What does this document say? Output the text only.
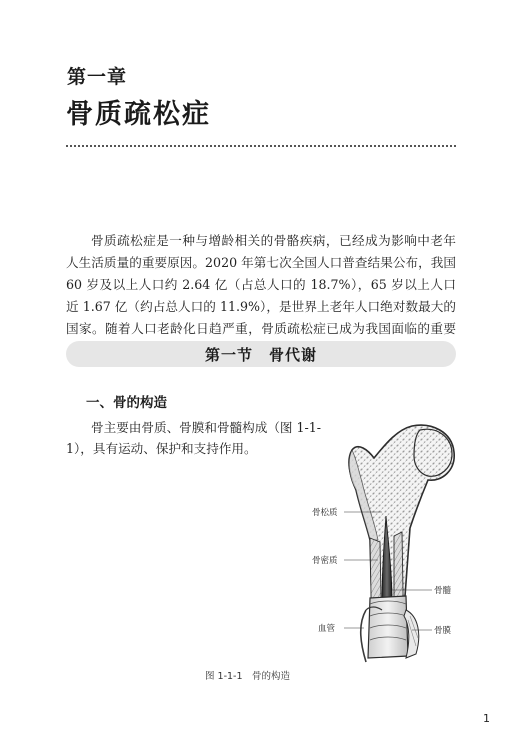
第一章
骨质疏松症

骨质疏松症是一种与增龄相关的骨骼疾病，已经成为影响中老年人生活质量的重要原因。2020 年第七次全国人口普查结果公布，我国 60 岁及以上人口约 2.64 亿（占总人口的 18.7%），65 岁以上人口近 1.67 亿（约占总人口的 11.9%），是世界上老年人口绝对数最大的国家。随着人口老龄化日趋严重，骨质疏松症已成为我国面临的重要

第一节　骨代谢
一、骨的构造

骨主要由骨质、骨膜和骨髓构成（图 1-1-1），具有运动、保护和支持作用。

骨松质
骨密质
骨髓
血管	骨膜
图 1-1-1　骨的构造
1
